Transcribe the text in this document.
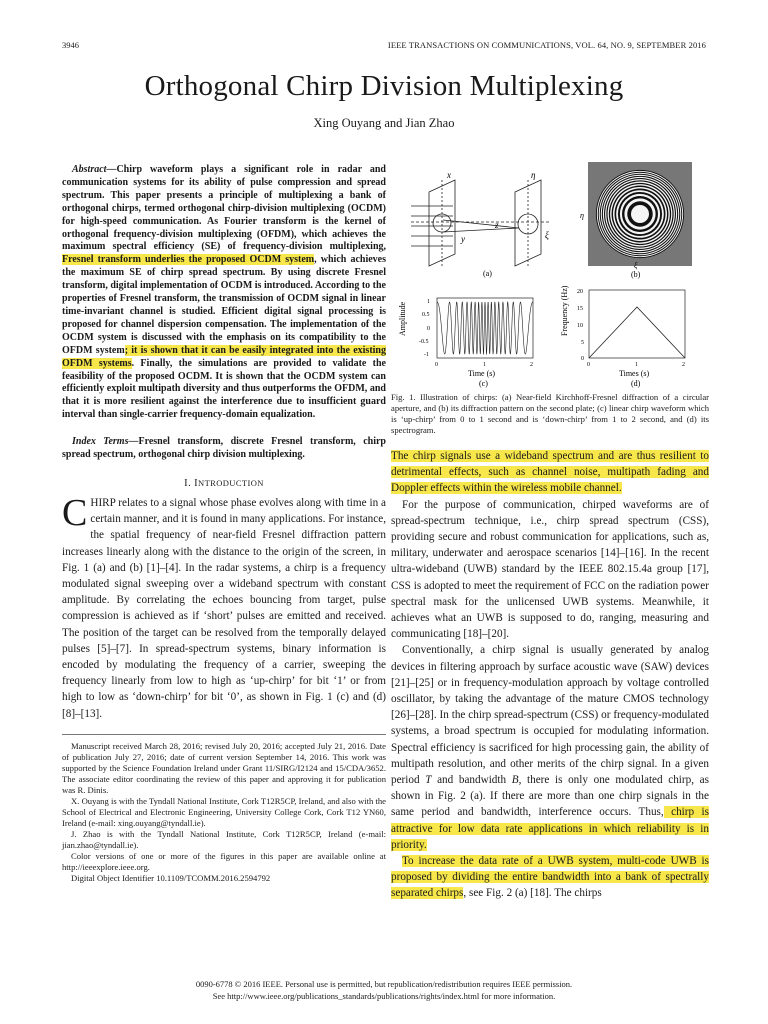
3946	IEEE TRANSACTIONS ON COMMUNICATIONS, VOL. 64, NO. 9, SEPTEMBER 2016
Orthogonal Chirp Division Multiplexing
Xing Ouyang and Jian Zhao

Abstract—Chirp waveform plays a significant role in radar and communication systems for its ability of pulse compression and spread spectrum. This paper presents a principle of multiplexing a bank of orthogonal chirps, termed orthogonal chirp-division multiplexing (OCDM) for high-speed communication. As Fourier transform is the kernel of orthogonal frequency-division multiplexing (OFDM), which achieves the maximum spectral efficiency (SE) of frequency-division multiplexing, Fresnel transform underlies the proposed OCDM system, which achieves the maximum SE of chirp spread spectrum. By using discrete Fresnel transform, digital implementation of OCDM is introduced. According to the properties of Fresnel transform, the transmission of OCDM signal in linear time-invariant channel is studied. Efficient digital signal processing is proposed for channel dispersion compensation. The implementation of the OCDM system is discussed with the emphasis on its compatibility to the OFDM system; it is shown that it can be easily integrated into the existing OFDM systems. Finally, the simulations are provided to validate the feasibility of the proposed OCDM. It is shown that the OCDM system can efficiently exploit multipath diversity and thus outperforms the OFDM, and that it is more resilient against the interference due to insufficient guard interval than single-carrier frequency-domain equalization.

Index Terms—Fresnel transform, discrete Fresnel transform, chirp spread spectrum, orthogonal chirp division multiplexing.

I. INTRODUCTION

CHIRP relates to a signal whose phase evolves along with time in a certain manner, and it is found in many applications. For instance, the spatial frequency of near-field Fresnel diffraction pattern increases linearly along with the distance to the origin of the screen, in Fig. 1 (a) and (b) [1]–[4]. In the radar systems, a chirp is a frequency modulated signal sweeping over a wideband spectrum with constant amplitude. By correlating the echoes bouncing from target, pulse compression is achieved as if ‘short’ pulses are emitted and received. The position of the target can be resolved from the temporally delayed pulses [5]–[7]. In spread-spectrum systems, binary information is encoded by modulating the frequency of a carrier, sweeping the frequency linearly from low to high as ‘up-chirp’ for bit ‘1’ or from high to low as ‘down-chirp’ for bit ‘0’, as shown in Fig. 1 (c) and (d) [8]–[13].

Manuscript received March 28, 2016; revised July 20, 2016; accepted July 21, 2016. Date of publication July 27, 2016; date of current version September 14, 2016. This work was supported by the Science Foundation Ireland under Grant 11/SIRG/I2124 and 15/CDA/3652. The associate editor coordinating the review of this paper and approving it for publication was R. Dinis.

X. Ouyang is with the Tyndall National Institute, Cork T12R5CP, Ireland, and also with the School of Electrical and Electronic Engineering, University College Cork, Cork T12 YN60, Ireland (e-mail: xing.ouyang@tyndall.ie).

J. Zhao is with the Tyndall National Institute, Cork T12R5CP, Ireland (e-mail: jian.zhao@tyndall.ie).

Color versions of one or more of the figures in this paper are available online at http://ieeexplore.ieee.org.

Digital Object Identifier 10.1109/TCOMM.2016.2594792

x
y
z
η
ξ
(a)
η
ξ
(b)
Amplitude	1
0.5
0
-0.5
-1
0	1	2
Time (s)
(c)
Frequency (Hz) 20
15
10
5
0
0	1	2
Times (s)
(d)

Fig. 1. Illustration of chirps: (a) Near-field Kirchhoff-Fresnel diffraction of a circular aperture, and (b) its diffraction pattern on the second plate; (c) linear chirp waveform which is ‘up-chirp’ from 0 to 1 second and is ‘down-chirp’ from 1 to 2 second, and (d) its spectrogram.

The chirp signals use a wideband spectrum and are thus resilient to detrimental effects, such as channel noise, multipath fading and Doppler effects within the wireless mobile channel.

For the purpose of communication, chirped waveforms are of spread-spectrum technique, i.e., chirp spread spectrum (CSS), providing secure and robust communication for applications, such as, military, underwater and aerospace scenarios [14]–[16]. In the recent ultra-wideband (UWB) standard by the IEEE 802.15.4a group [17], CSS is adopted to meet the requirement of FCC on the radiation power spectral mask for the unlicensed UWB systems. Meanwhile, it achieves what an UWB is supposed to do, ranging, measuring and communicating [18]–[20].

Conventionally, a chirp signal is usually generated by analog devices in filtering approach by surface acoustic wave (SAW) devices [21]–[25] or in frequency-modulation approach by voltage controlled oscillator, by taking the advantage of the mature CMOS technology [26]–[28]. In the chirp spread-spectrum (CSS) or frequency-modulated systems, a broad spectrum is occupied for modulating information. Spectral efficiency is sacrificed for high processing gain, the ability of multipath resolution, and other merits of the chirp signal. In a given period T and bandwidth B, there is only one modulated chirp, as shown in Fig. 2 (a). If there are more than one chirp signals in the same period and bandwidth, interference occurs. Thus, chirp is attractive for low data rate applications in which reliability is in priority.

To increase the data rate of a UWB system, multi-code UWB is proposed by dividing the entire bandwidth into a bank of spectrally separated chirps, see Fig. 2 (a) [18]. The chirps

0090-6778 © 2016 IEEE. Personal use is permitted, but republication/redistribution requires IEEE permission.
See http://www.ieee.org/publications_standards/publications/rights/index.html for more information.
